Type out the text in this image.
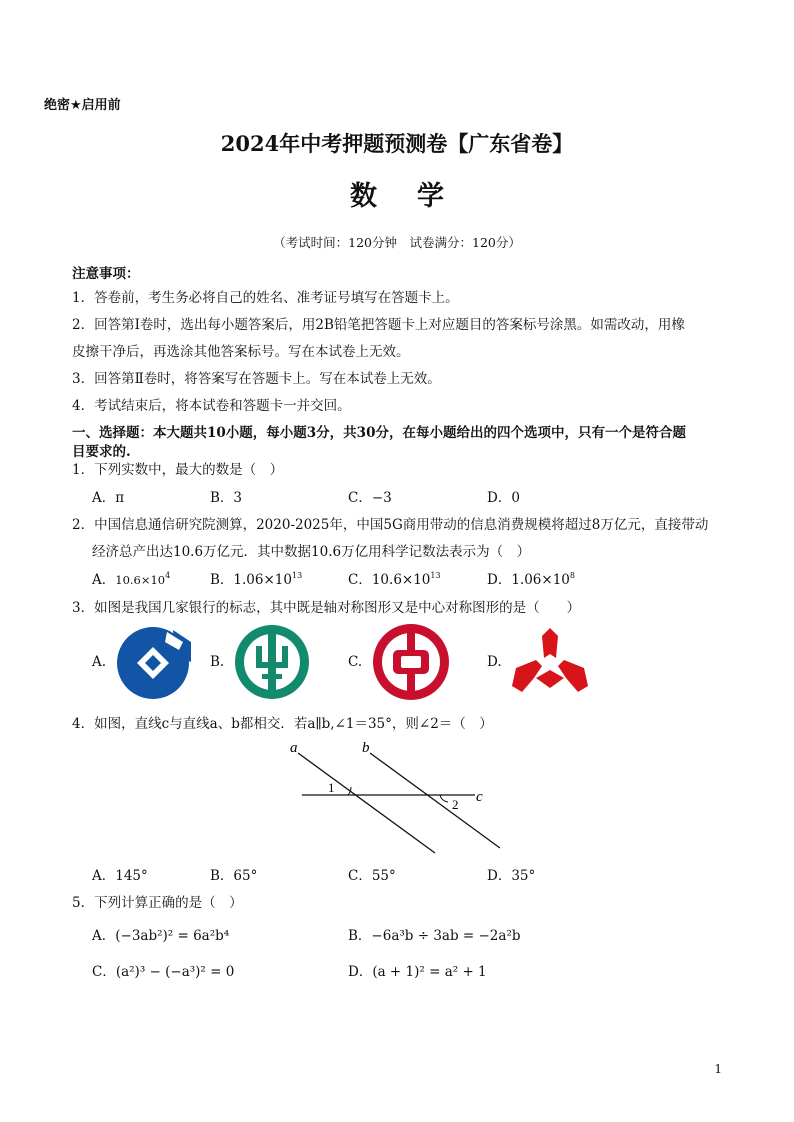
绝密★启用前
2024年中考押题预测卷【广东省卷】
数学
（考试时间：120分钟　试卷满分：120分）
注意事项：
1．答卷前，考生务必将自己的姓名、准考证号填写在答题卡上。
2．回答第Ⅰ卷时，选出每小题答案后，用2B铅笔把答题卡上对应题目的答案标号涂黑。如需改动，用橡
皮擦干净后，再选涂其他答案标号。写在本试卷上无效。
3．回答第Ⅱ卷时，将答案写在答题卡上。写在本试卷上无效。
4．考试结束后，将本试卷和答题卡一并交回。
一、选择题：本大题共10小题，每小题3分，共30分，在每小题给出的四个选项中，只有一个是符合题
目要求的.
1．下列实数中，最大的数是（　）
A．π	B．3	C．−3	D．0
2．中国信息通信研究院测算，2020-2025年，中国5G商用带动的信息消费规模将超过8万亿元，直接带动
经济总产出达10.6万亿元．其中数据10.6万亿用科学记数法表示为（　）
A．$10.6\times 10^4$	B．$1.06\times 10^{13}$	C．$10.6\times 10^{13}$	D．$1.06\times 10^8$
3．如图是我国几家银行的标志，其中既是轴对称图形又是中心对称图形的是（　　）
A.	B.	C.	D.
4．如图，直线c与直线a、b都相交．若a∥b,∠1＝35°，则∠2＝（　）
a	b
c
1
2
A．145°	B．65°	C．55°	D．35°
5．下列计算正确的是（　）
A．(−3ab²)² = 6a²b⁴	B．−6a³b ÷ 3ab = −2a²b
C．(a²)³ − (−a³)² = 0	D．(a + 1)² = a² + 1
1
